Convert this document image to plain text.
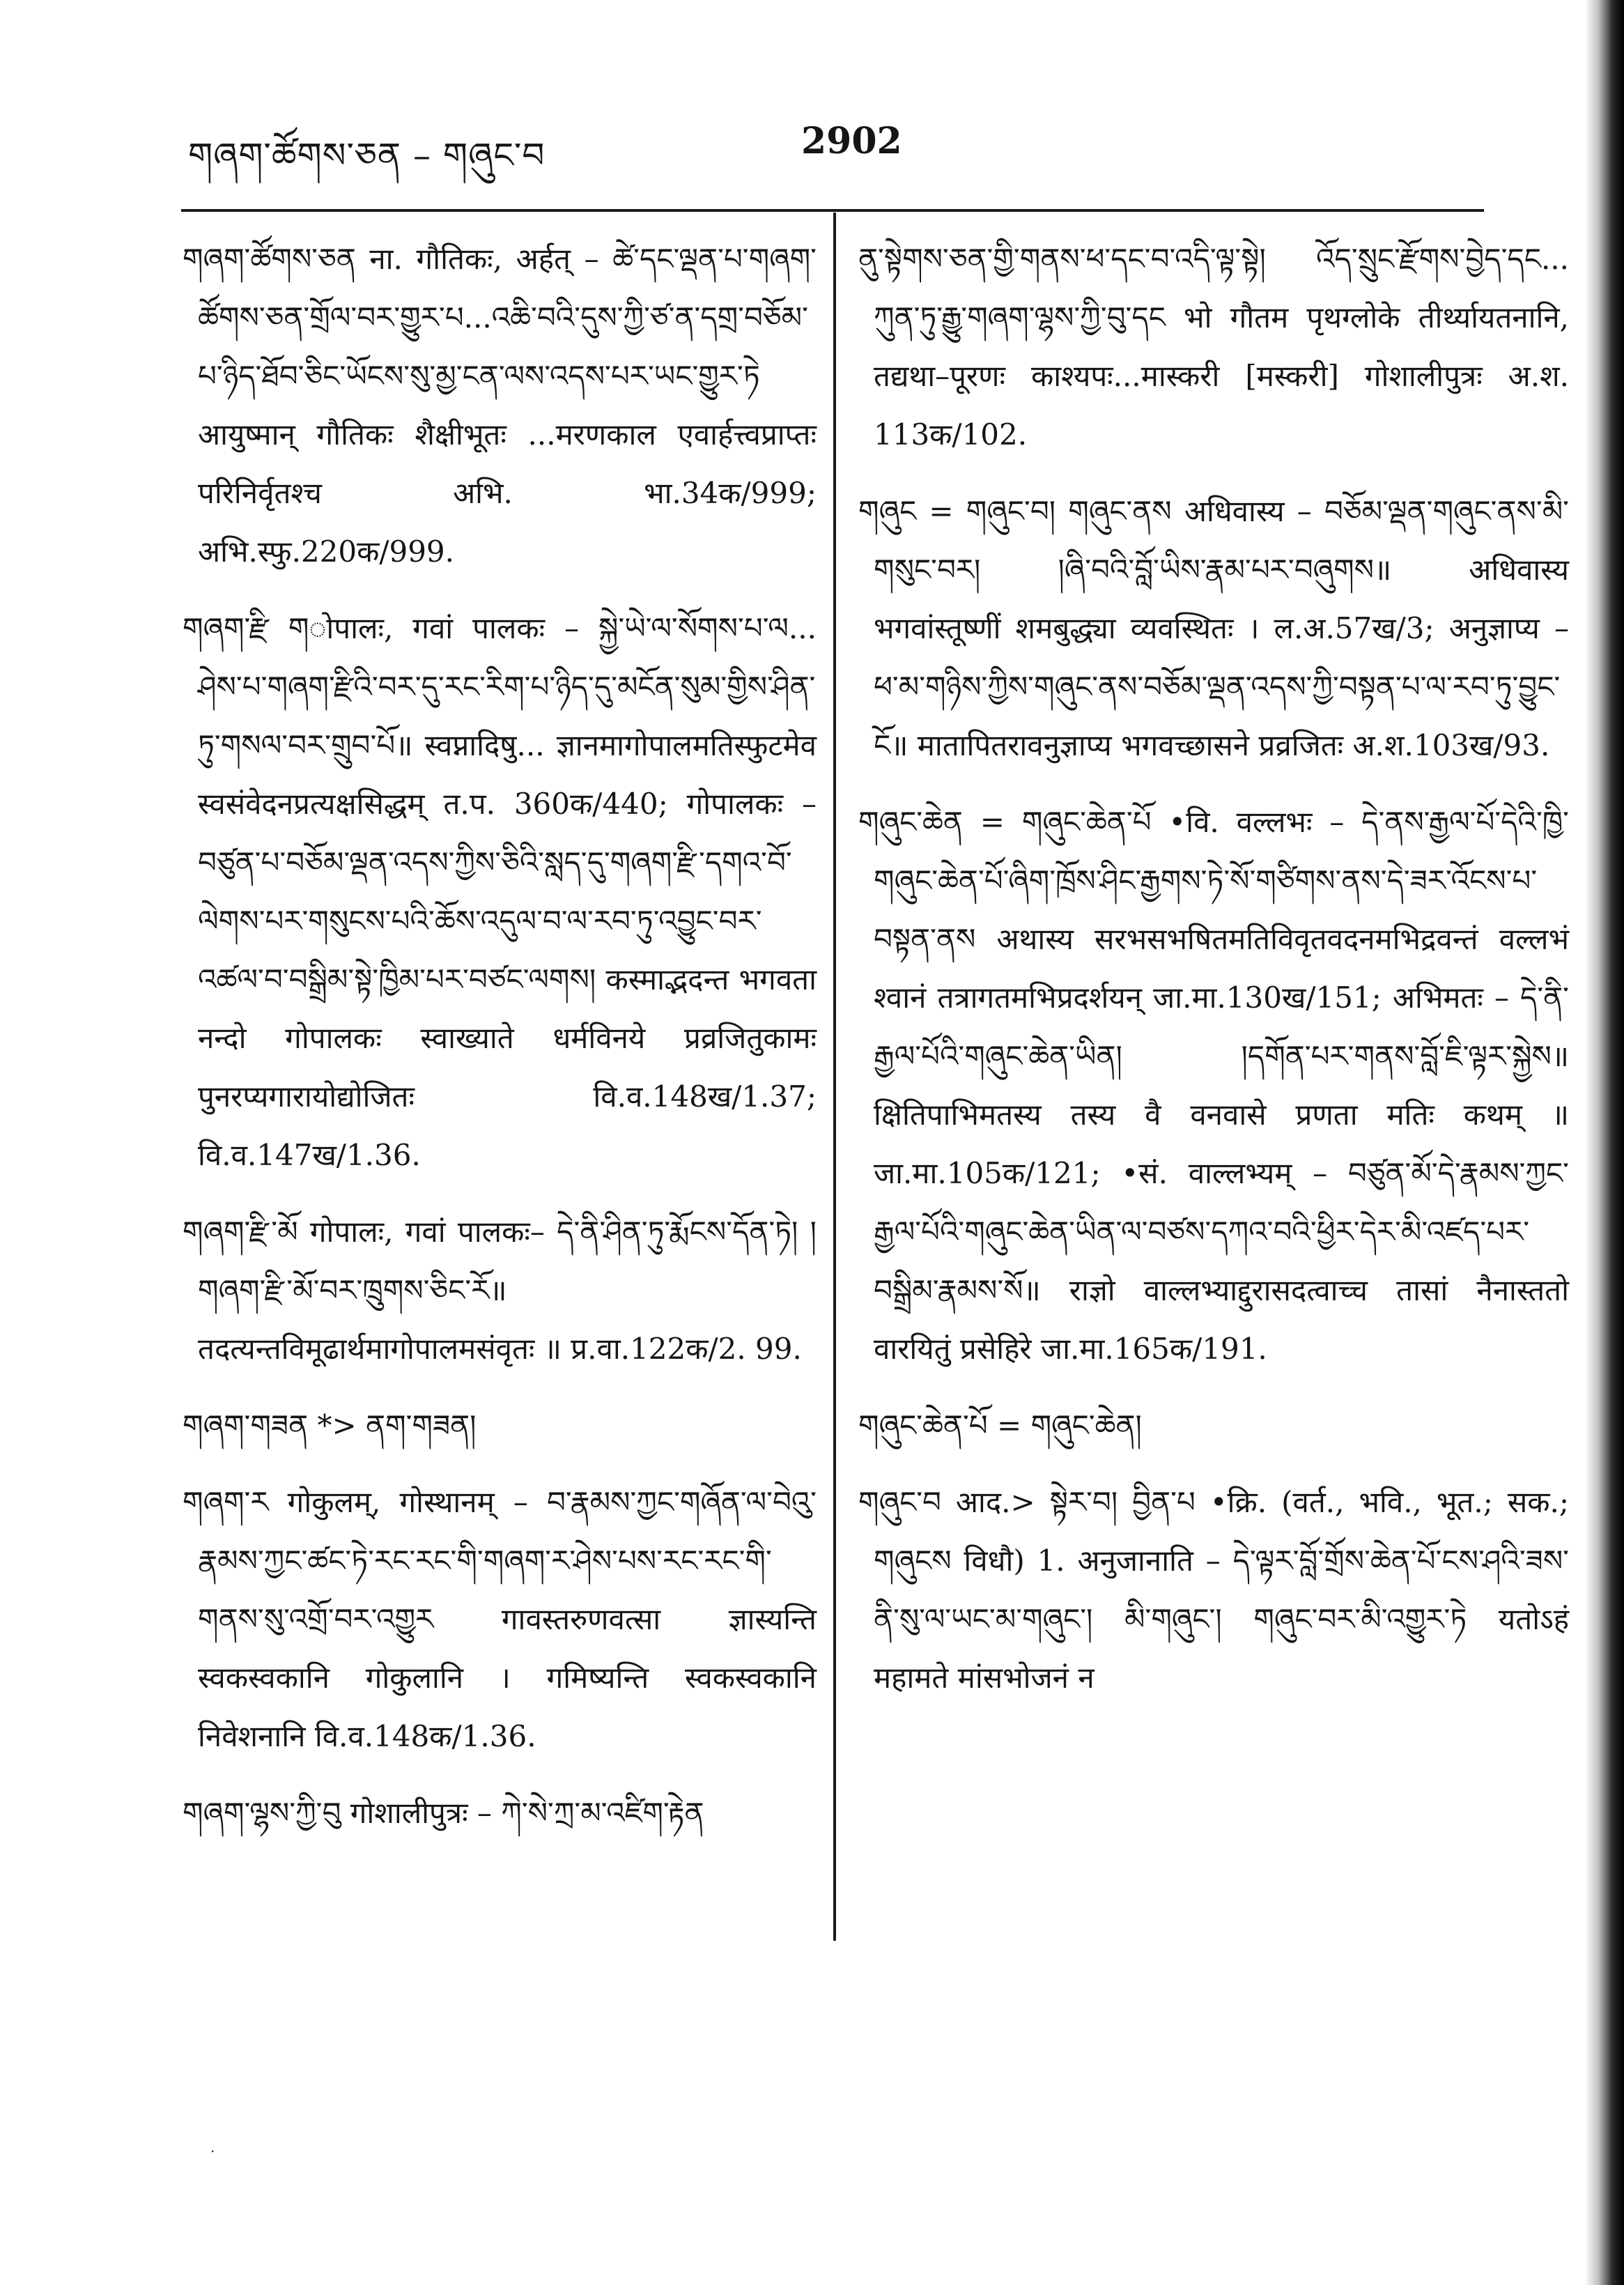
གཞག་ཚོགས་ཅན – གཞུང་བ	2902

གཞག་ཚོགས་ཅན ना. गौतिकः, अर्हत् – ཚེ་དང་ལྡན་པ་གཞག་ཚོགས་ཅན་གྲོལ་བར་གྱུར་པ...འཆི་བའི་དུས་ཀྱི་ཙ་ན་དགྲ་བཅོམ་པ་ཉིད་ཐོབ་ཅིང་ཡོངས་སུ་མྱ་ངན་ལས་འདས་པར་ཡང་གྱུར་ཏེ आयुष्मान् गौतिकः शैक्षीभूतः ...मरणकाल एवार्हत्त्वप्राप्तः परिनिर्वृतश्च अभि. भा.34क/999; अभि.स्फु.220क/999.

གཞག་རྫི གोपालः, गवां पालकः – སྐྱེ་ཡེ་ལ་སོགས་པ་ལ... ཤེས་པ་གཞག་རྫིའི་བར་དུ་རང་རིག་པ་ཉིད་དུ་མངོན་སུམ་གྱིས་ཤིན་ཏུ་གསལ་བར་གྲུབ་པོ॥ स्वप्नादिषु... ज्ञानमागोपालमतिस्फुटमेव स्वसंवेदनप्रत्यक्षसिद्धम् त.प. 360क/440; गोपालकः – བཙུན་པ་བཅོམ་ལྡན་འདས་ཀྱིས་ཅིའི་སླད་དུ་གཞག་རྫི་དགའ་བོ་ལེགས་པར་གསུངས་པའི་ཆོས་འདུལ་བ་ལ་རབ་ཏུ་འབྱུང་བར་འཚལ་བ་བསྒྲིམ་སྟེ་ཁྱིམ་པར་བཙང་ལགས། कस्माद्भदन्त भगवता नन्दो गोपालकः स्वाख्याते धर्मविनये प्रव्रजितुकामः पुनरप्यगारायोद्योजितः वि.व.148ख/1.37; वि.व.147ख/1.36.

གཞག་རྫི་མོ गोपालः, गवां पालकः– དེ་ནི་ཤིན་ཏུ་རྨོངས་དོན་ཏེ། །གཞག་རྫི་མོ་བར་ཁྲུགས་ཅིང་རོ॥ तदत्यन्तविमूढार्थमागोपालमसंवृतः ॥ प्र.वा.122क/2. 99.

གཞག་གཟན *> ནག་གཟན།

གཞག་ར गोकुलम्, गोस्थानम् – བ་རྣམས་ཀྱང་གཞོན་ལ་བེའུ་རྣམས་ཀྱང་ཚང་ཏེ་རང་རང་གི་གཞག་ར་ཤེས་པས་རང་རང་གི་གནས་སུ་འགྲོ་བར་འགྱུར गावस्तरुणवत्सा ज्ञास्यन्ति स्वकस्वकानि गोकुलानि । गमिष्यन्ति स्वकस्वकानि निवेशनानि वि.व.148क/1.36.

གཞག་ལྷས་ཀྱི་བུ गोशालीपुत्रः – ཀེ་སེ་ཀྲ་མ་འཛིག་རྟེན

ནུ་སྟེགས་ཅན་གྱི་གནས་ཕ་དང་བ་འདི་ལྟ་སྟེ། འོད་སྲུང་རྫོགས་བྱེད་དང... ཀུན་ཏུ་རྒྱུ་གཞག་ལྷས་ཀྱི་བུ་དང भो गौतम पृथग्लोके तीर्थ्यायतनानि, तद्यथा–पूरणः काश्यपः...मास्करी [मस्करी] गोशालीपुत्रः अ.श. 113क/102.

གཞུང = གཞུང་བ། གཞུང་ནས अधिवास्य – བཅོམ་ལྡན་གཞུང་ནས་མི་གསུང་བར། །ཞི་བའི་བློ་ཡིས་རྣམ་པར་བཞུགས॥ अधिवास्य भगवांस्तूष्णीं शमबुद्ध्या व्यवस्थितः । ल.अ.57ख/3; अनुज्ञाप्य – ཕ་མ་གཉིས་ཀྱིས་གཞུང་ནས་བཅོམ་ལྡན་འདས་ཀྱི་བསྟན་པ་ལ་རབ་ཏུ་བྱུང་ངོ॥ मातापितरावनुज्ञाप्य भगवच्छासने प्रव्रजितः अ.श.103ख/93.

གཞུང་ཆེན = གཞུང་ཆེན་པོ •वि. वल्लभः – དེ་ནས་རྒྱལ་པོ་དེའི་ཁྱི་གཞུང་ཆེན་པོ་ཞིག་ཁྲོས་ཤིང་རྒྱགས་ཏེ་སོ་གཙིགས་ནས་དེ་ཟར་འོངས་པ་བསྟན་ནས अथास्य सरभसभषितमतिविवृतवदनमभिद्रवन्तं वल्लभं श्वानं तत्रागतमभिप्रदर्शयन् जा.मा.130ख/151; अभिमतः – དེ་ནི་རྒྱལ་པོའི་གཞུང་ཆེན་ཡིན། །དགོན་པར་གནས་བློ་ཇི་ལྟར་སྐྱེས॥ क्षितिपाभिमतस्य तस्य वै वनवासे प्रणता मतिः कथम् ॥ जा.मा.105क/121; •सं. वाल्लभ्यम् – བཙུན་མོ་དེ་རྣམས་ཀྱང་རྒྱལ་པོའི་གཞུང་ཆེན་ཡིན་ལ་བཙས་དཀའ་བའི་ཕྱིར་དེར་མི་འཛད་པར་བསྒྲིམ་རྣམས་སོ॥ राज्ञो वाल्लभ्याद्दुरासदत्वाच्च तासां नैनास्ततो वारयितुं प्रसेहिरे जा.मा.165क/191.

གཞུང་ཆེན་པོ = གཞུང་ཆེན།

གཞུང་བ आद.> སྟེར་བ། བྱིན་པ •क्रि. (वर्त., भवि., भूत.; सक.; གཞུངས विधौ) 1. अनुजानाति – དེ་ལྟར་བློ་གྲོས་ཆེན་པོ་ངས་ཤའི་ཟས་ནི་སུ་ལ་ཡང་མ་གཞུང་། མི་གཞུང་། གཞུང་བར་མི་འགྱུར་ཏེ यतोऽहं महामते मांसभोजनं न

·
